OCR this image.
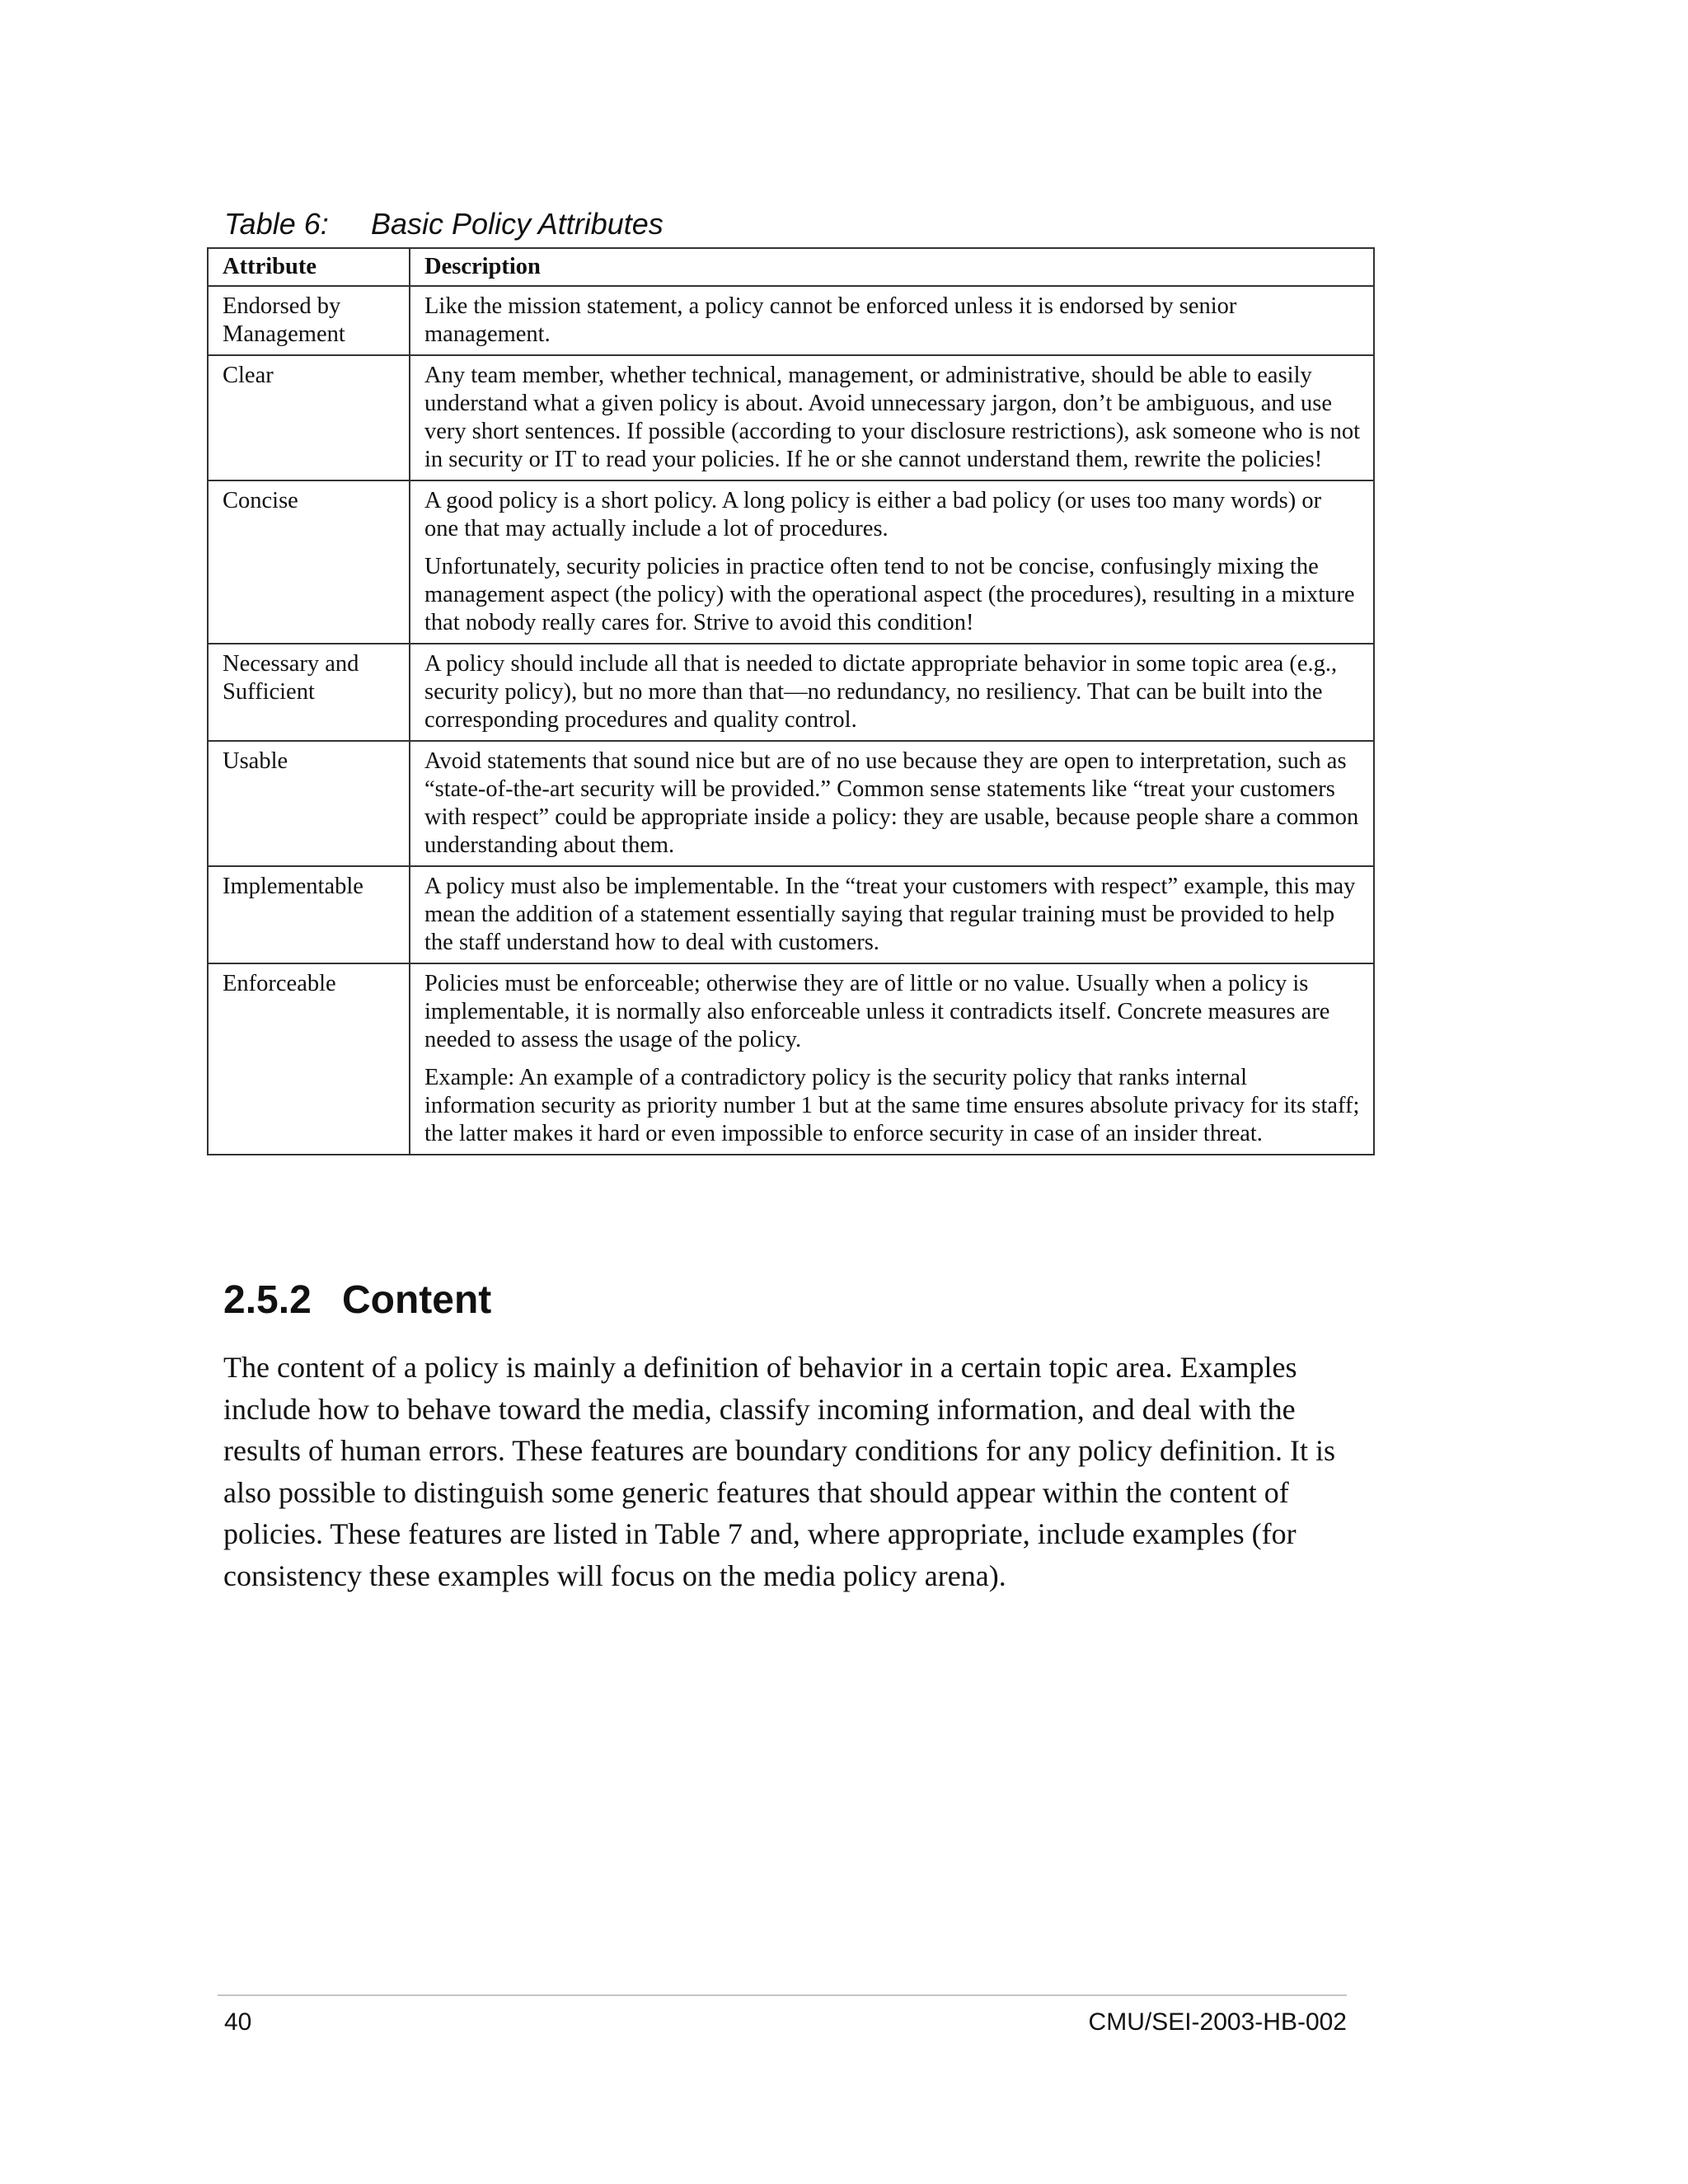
Table 6: Basic Policy Attributes
Attribute	Description
Endorsed by Management	Like the mission statement, a policy cannot be enforced unless it is endorsed by senior management.

Clear	Any team member, whether technical, management, or administrative, should be able to easily understand what a given policy is about. Avoid unnecessary jargon, don’t be ambiguous, and use very short sentences. If possible (according to your disclosure restrictions), ask someone who is not in security or IT to read your policies. If he or she cannot understand them, rewrite the policies!

Concise	A good policy is a short policy. A long policy is either a bad policy (or uses too many words) or one that may actually include a lot of procedures.

Unfortunately, security policies in practice often tend to not be concise, confusingly mixing the management aspect (the policy) with the operational aspect (the procedures), resulting in a mixture that nobody really cares for. Strive to avoid this condition!

Necessary and Sufficient	A policy should include all that is needed to dictate appropriate behavior in some topic area (e.g., security policy), but no more than that—no redundancy, no resiliency. That can be built into the corresponding procedures and quality control.

Usable	Avoid statements that sound nice but are of no use because they are open to interpretation, such as “state-of-the-art security will be provided.” Common sense statements like “treat your customers with respect” could be appropriate inside a policy: they are usable, because people share a common understanding about them.

Implementable	A policy must also be implementable. In the “treat your customers with respect” example, this may mean the addition of a statement essentially saying that regular training must be provided to help the staff understand how to deal with customers.

Enforceable	Policies must be enforceable; otherwise they are of little or no value. Usually when a policy is implementable, it is normally also enforceable unless it contradicts itself. Concrete measures are needed to assess the usage of the policy.

Example: An example of a contradictory policy is the security policy that ranks internal information security as priority number 1 but at the same time ensures absolute privacy for its staff; the latter makes it hard or even impossible to enforce security in case of an insider threat.

2.5.2 Content

The content of a policy is mainly a definition of behavior in a certain topic area. Examples include how to behave toward the media, classify incoming information, and deal with the results of human errors. These features are boundary conditions for any policy definition. It is also possible to distinguish some generic features that should appear within the content of policies. These features are listed in Table 7 and, where appropriate, include examples (for consistency these examples will focus on the media policy arena).

40	CMU/SEI-2003-HB-002
